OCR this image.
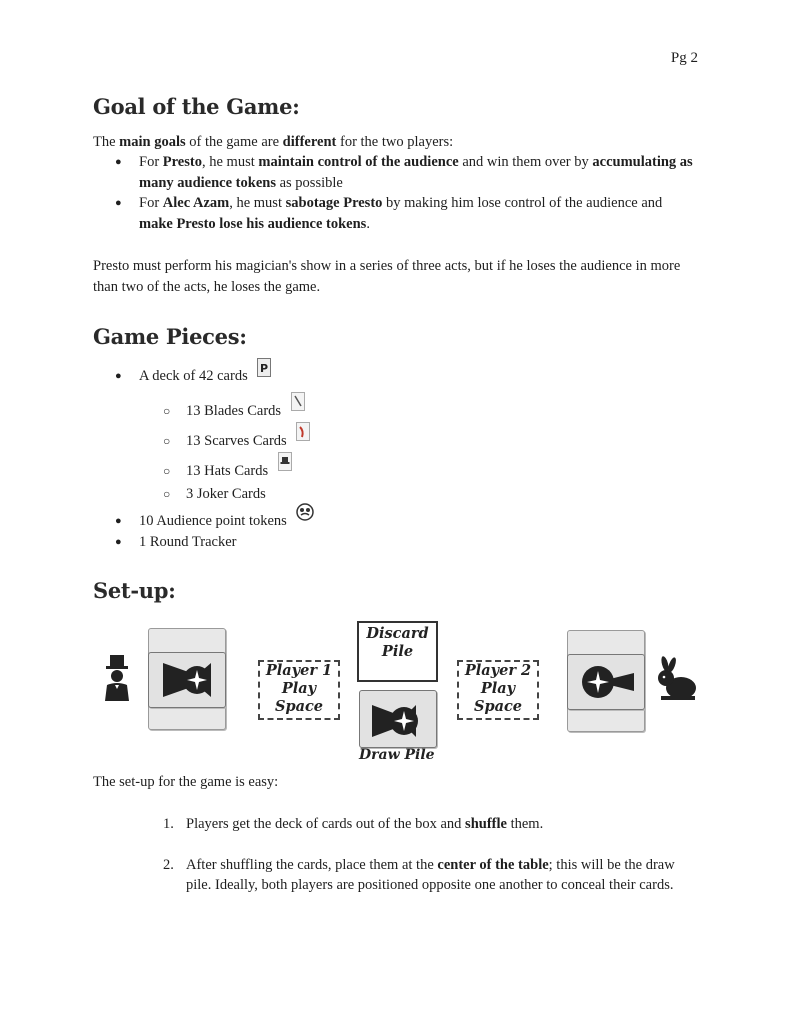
Pg 2
Goal of the Game:

The main goals of the game are different for the two players:

● For Presto, he must maintain control of the audience and win them over by accumulating as many audience tokens as possible
● For Alec Azam, he must sabotage Presto by making him lose control of the audience and make Presto lose his audience tokens.

Presto must perform his magician's show in a series of three acts, but if he loses the audience in more than two of the acts, he loses the game.

Game Pieces:
● A deck of 42 cards P
○ 13 Blades Cards
○ 13 Scarves Cards
○ 13 Hats Cards
○ 3 Joker Cards
● 10 Audience point tokens
● 1 Round Tracker
Set-up:

The set-up for the game is easy:

1. Players get the deck of cards out of the box and shuffle them.
2. After shuffling the cards, place them at the center of the table; this will be the draw pile. Ideally, both players are positioned opposite one another to conceal their cards.
Player 1
Play
Space
Discard
Pile
Draw Pile
Player 2
Play
Space
